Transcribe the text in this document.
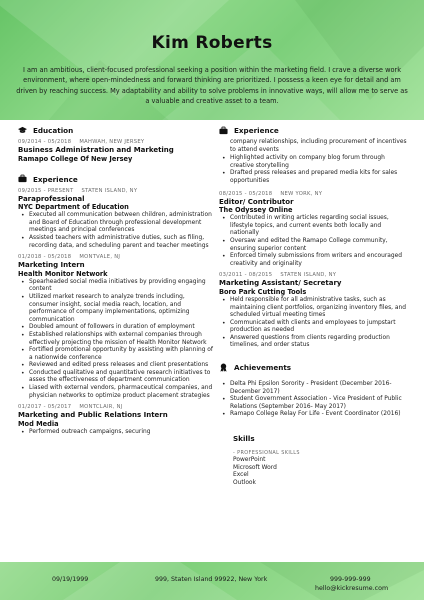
Kim Roberts
I am an ambitious, client-focused professional seeking a position within the marketing field. I crave a diverse work environment, where open-mindedness and forward thinking are prioritized. I possess a keen eye for detail and am driven by reaching success. My adaptability and ability to solve problems in innovative ways, will allow me to serve as a valuable and creative asset to a team.
Education
09/2014 - 05/2018 MAHWAH, NEW JERSEY
Business Administration and Marketing
Ramapo College Of New Jersey
Experience
09/2015 - PRESENT STATEN ISLAND, NY
Paraprofessional
NYC Department of Education
• Executed all communication between children, administration and Board of Education through professional development meetings and principal conferences
• Assisted teachers with administrative duties, such as filing, recording data, and scheduling parent and teacher meetings
01/2018 - 05/2018 MONTVALE, NJ
Marketing Intern
Health Monitor Network
• Spearheaded social media initiatives by providing engaging content
• Utilized market research to analyze trends including, consumer insight, social media reach, location, and performance of company implementations, optimizing communication
• Doubled amount of followers in duration of employment
• Established relationships with external companies through effectively projecting the mission of Health Monitor Network
• Fortified promotional opportunity by assisting with planning of a nationwide conference
• Reviewed and edited press releases and client presentations
• Conducted qualitative and quantitative research initiatives to asses the effectiveness of department communication
• Liased with external vendors, pharmaceutical companies, and physician networks to optimize product placement strategies
01/2017 - 05/2017 MONTCLAIR, NJ
Marketing and Public Relations Intern
Mod Media
• Performed outreach campaigns, securing
Experience
company relationships, including procurement of incentives to attend events
• Highlighted activity on company blog forum through creative storytelling
• Drafted press releases and prepared media kits for sales opportunities
08/2015 - 05/2018 NEW YORK, NY
Editor/ Contributor
The Odyssey Online
• Contributed in writing articles regarding social issues, lifestyle topics, and current events both locally and nationally
• Oversaw and edited the Ramapo College community, ensuring superior content
• Enforced timely submissions from writers and encouraged creativity and originality
03/2011 - 08/2015 STATEN ISLAND, NY
Marketing Assistant/ Secretary
Boro Park Cutting Tools
• Held responsible for all administrative tasks, such as maintaining client portfolios, organizing inventory files, and scheduled virtual meeting times
• Communicated with clients and employees to jumpstart production as needed
• Answered questions from clients regarding production timelines, and order status
Achievements
• Delta Phi Epsilon Sorority - President (December 2016- December 2017)
• Student Government Association - Vice President of Public Relations (September 2016- May 2017)
• Ramapo College Relay For Life - Event Coordinator (2016)
Skills
- PROFESSIONAL SKILLS
PowerPoint
Microsoft Word
Excel
Outlook
09/19/1999	999, Staten Island 99922, New York	999-999-999
hello@kickresume.com
